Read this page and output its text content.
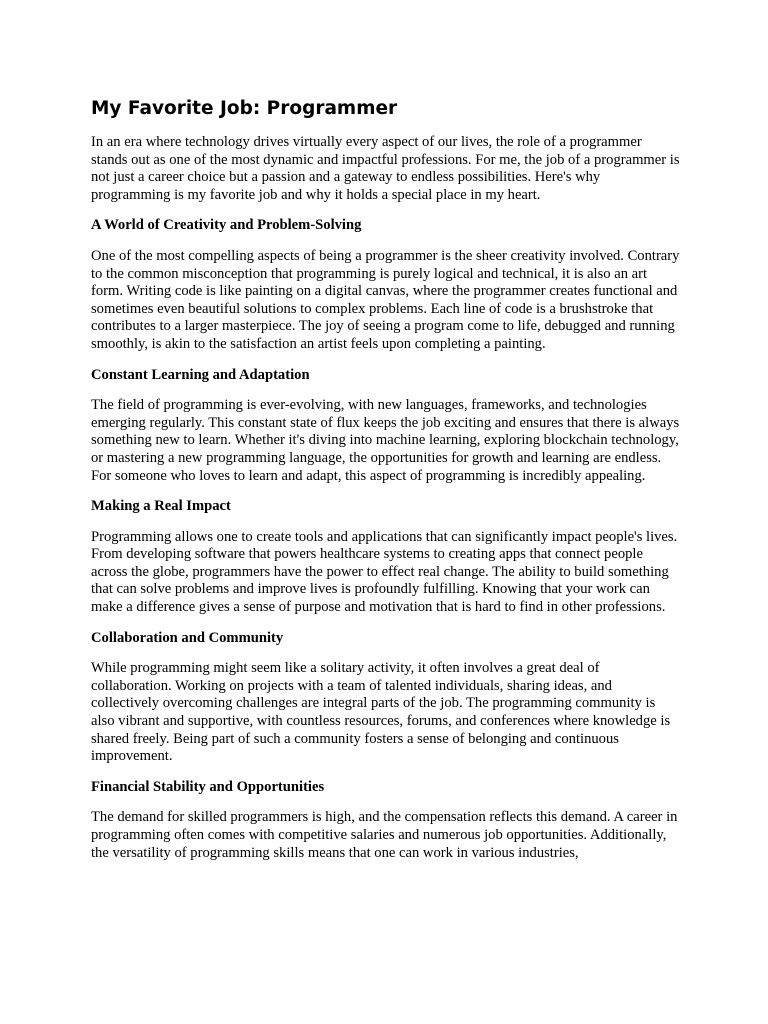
My Favorite Job: Programmer

In an era where technology drives virtually every aspect of our lives, the role of a programmer stands out as one of the most dynamic and impactful professions. For me, the job of a programmer is not just a career choice but a passion and a gateway to endless possibilities. Here's why programming is my favorite job and why it holds a special place in my heart.

A World of Creativity and Problem-Solving

One of the most compelling aspects of being a programmer is the sheer creativity involved. Contrary to the common misconception that programming is purely logical and technical, it is also an art form. Writing code is like painting on a digital canvas, where the programmer creates functional and sometimes even beautiful solutions to complex problems. Each line of code is a brushstroke that contributes to a larger masterpiece. The joy of seeing a program come to life, debugged and running smoothly, is akin to the satisfaction an artist feels upon completing a painting.

Constant Learning and Adaptation

The field of programming is ever-evolving, with new languages, frameworks, and technologies emerging regularly. This constant state of flux keeps the job exciting and ensures that there is always something new to learn. Whether it's diving into machine learning, exploring blockchain technology, or mastering a new programming language, the opportunities for growth and learning are endless. For someone who loves to learn and adapt, this aspect of programming is incredibly appealing.

Making a Real Impact

Programming allows one to create tools and applications that can significantly impact people's lives. From developing software that powers healthcare systems to creating apps that connect people across the globe, programmers have the power to effect real change. The ability to build something that can solve problems and improve lives is profoundly fulfilling. Knowing that your work can make a difference gives a sense of purpose and motivation that is hard to find in other professions.

Collaboration and Community

While programming might seem like a solitary activity, it often involves a great deal of collaboration. Working on projects with a team of talented individuals, sharing ideas, and collectively overcoming challenges are integral parts of the job. The programming community is also vibrant and supportive, with countless resources, forums, and conferences where knowledge is shared freely. Being part of such a community fosters a sense of belonging and continuous improvement.

Financial Stability and Opportunities

The demand for skilled programmers is high, and the compensation reflects this demand. A career in programming often comes with competitive salaries and numerous job opportunities. Additionally, the versatility of programming skills means that one can work in various industries,
